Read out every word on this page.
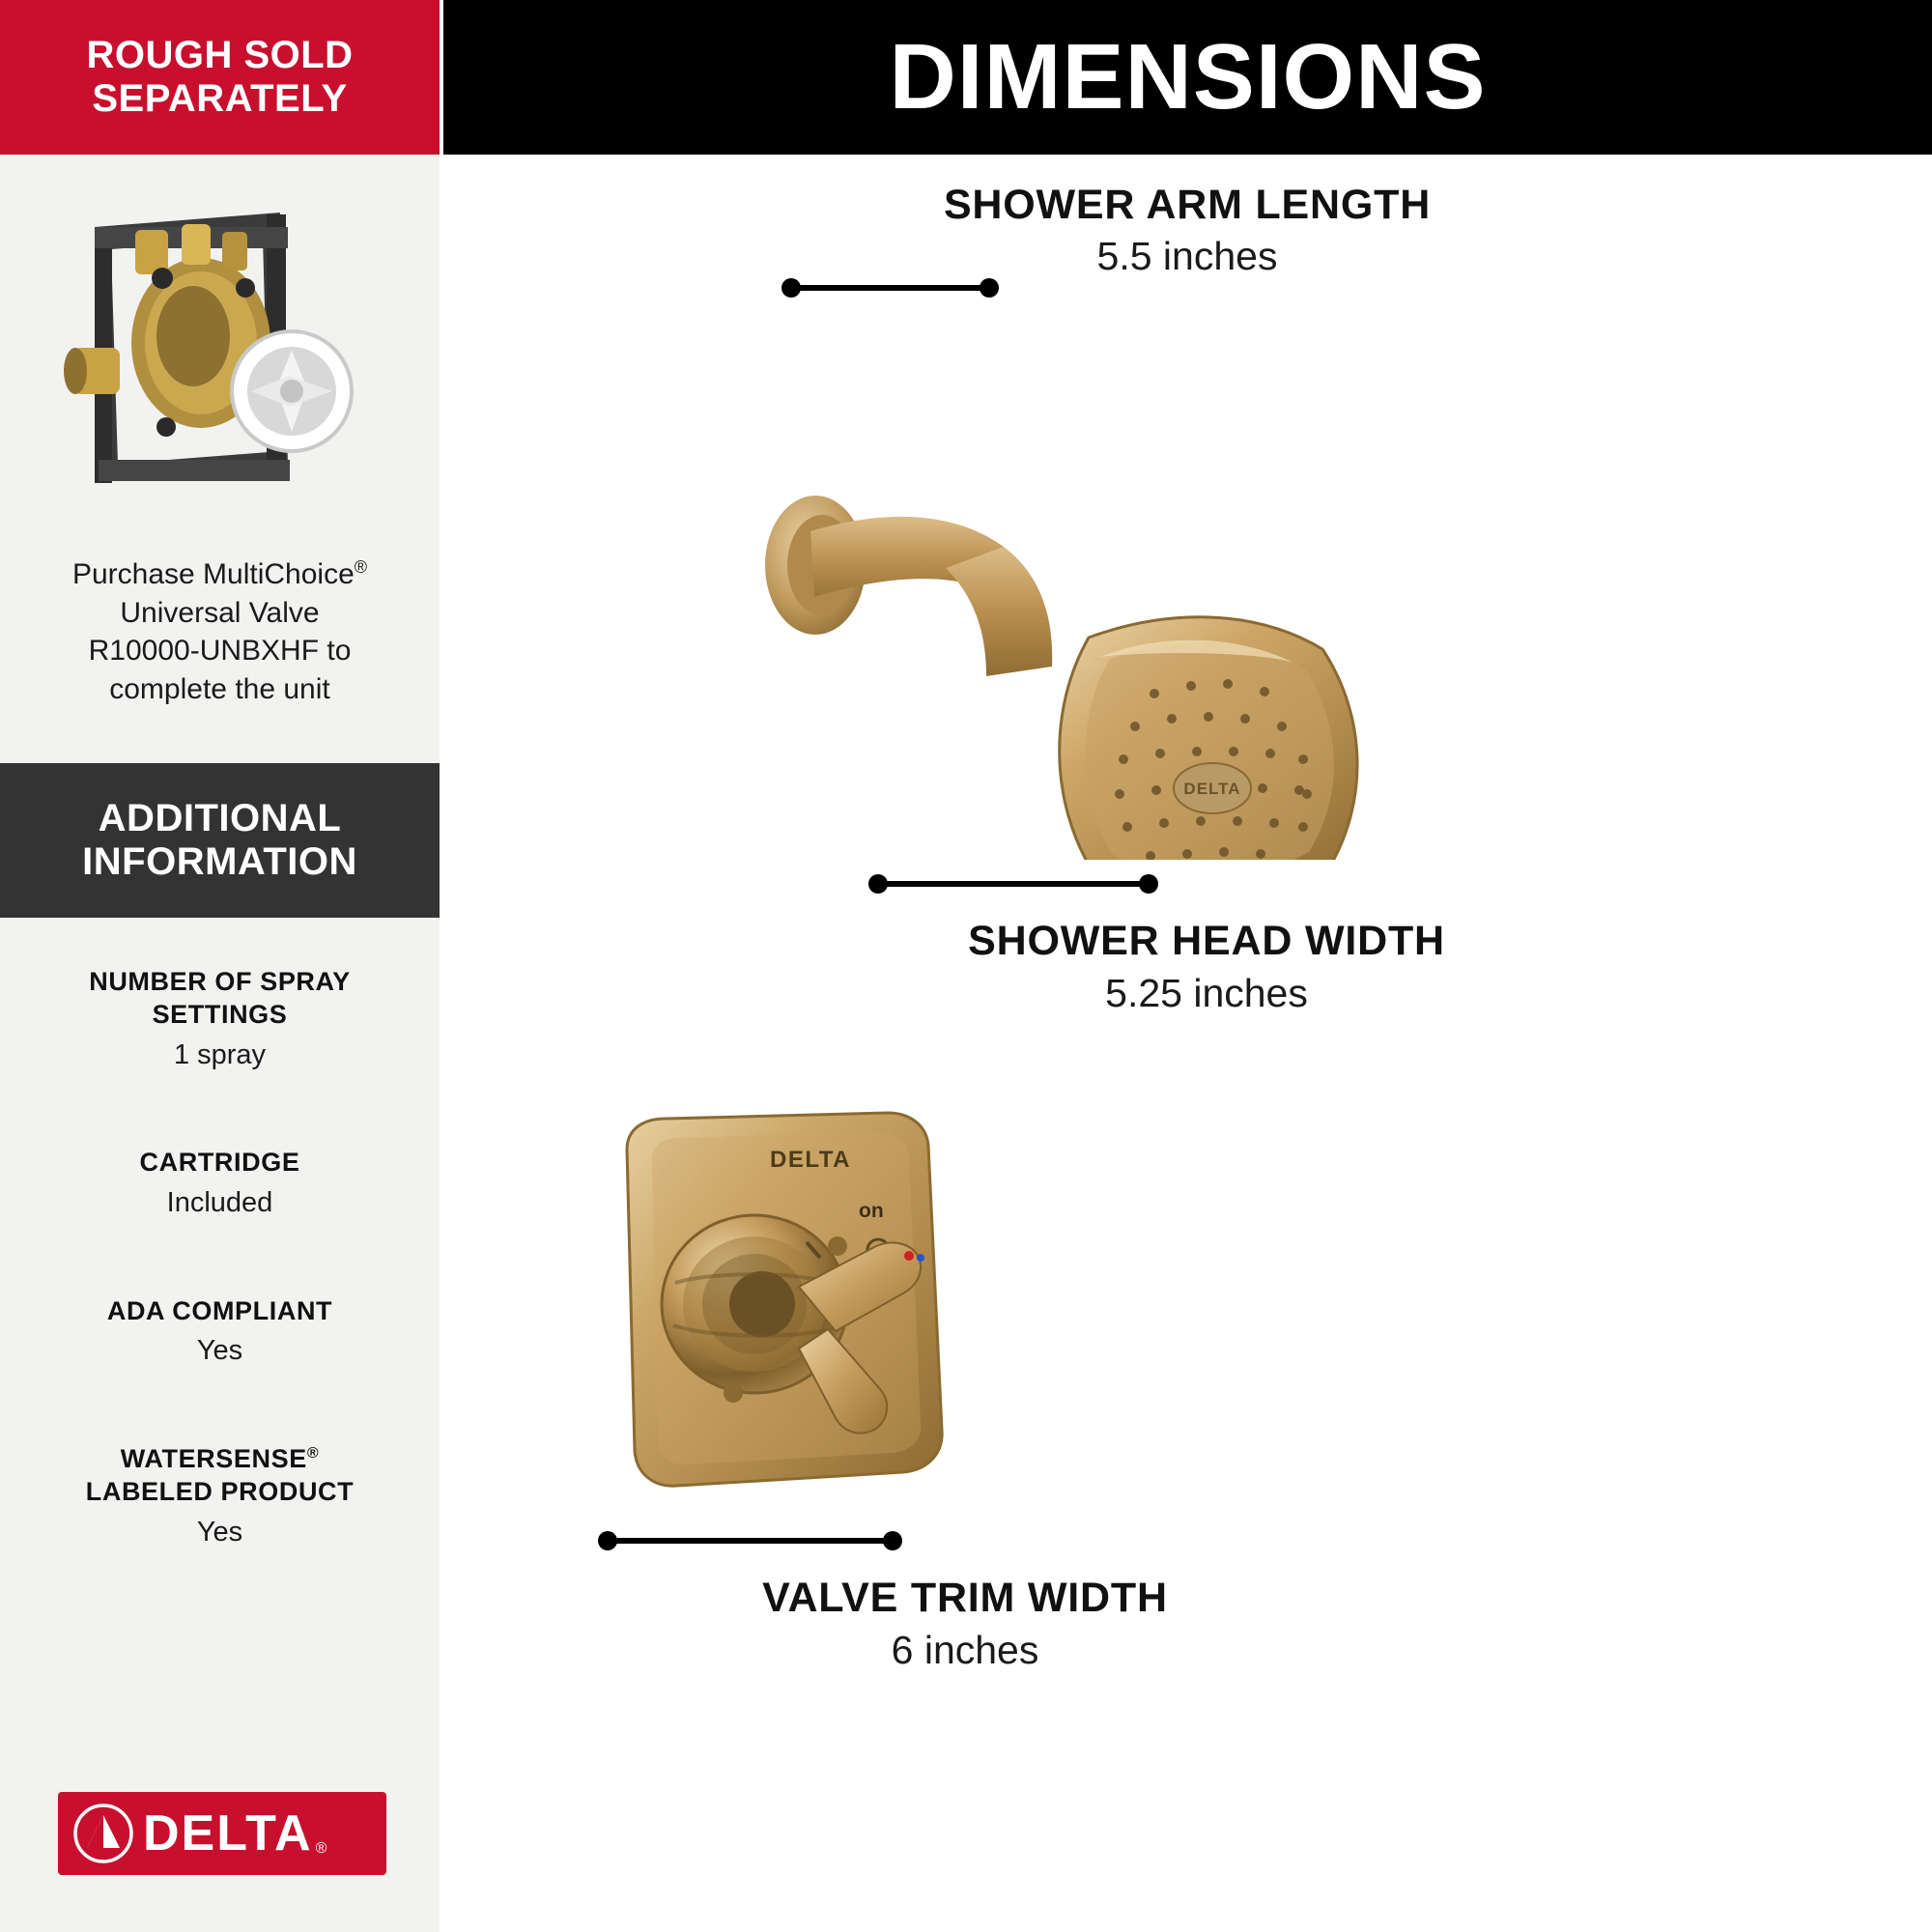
ROUGH SOLD
SEPARATELY
Purchase MultiChoice®
Universal Valve
R10000-UNBXHF to
complete the unit
ADDITIONAL
INFORMATION
NUMBER OF SPRAY
SETTINGS
1 spray
CARTRIDGE
Included
ADA COMPLIANT
Yes
WATERSENSE®
LABELED PRODUCT
Yes
DELTA ®
DIMENSIONS
SHOWER ARM LENGTH
5.5 inches
DELTA
SHOWER HEAD WIDTH
5.25 inches
DELTA
on
VALVE TRIM WIDTH
6 inches
